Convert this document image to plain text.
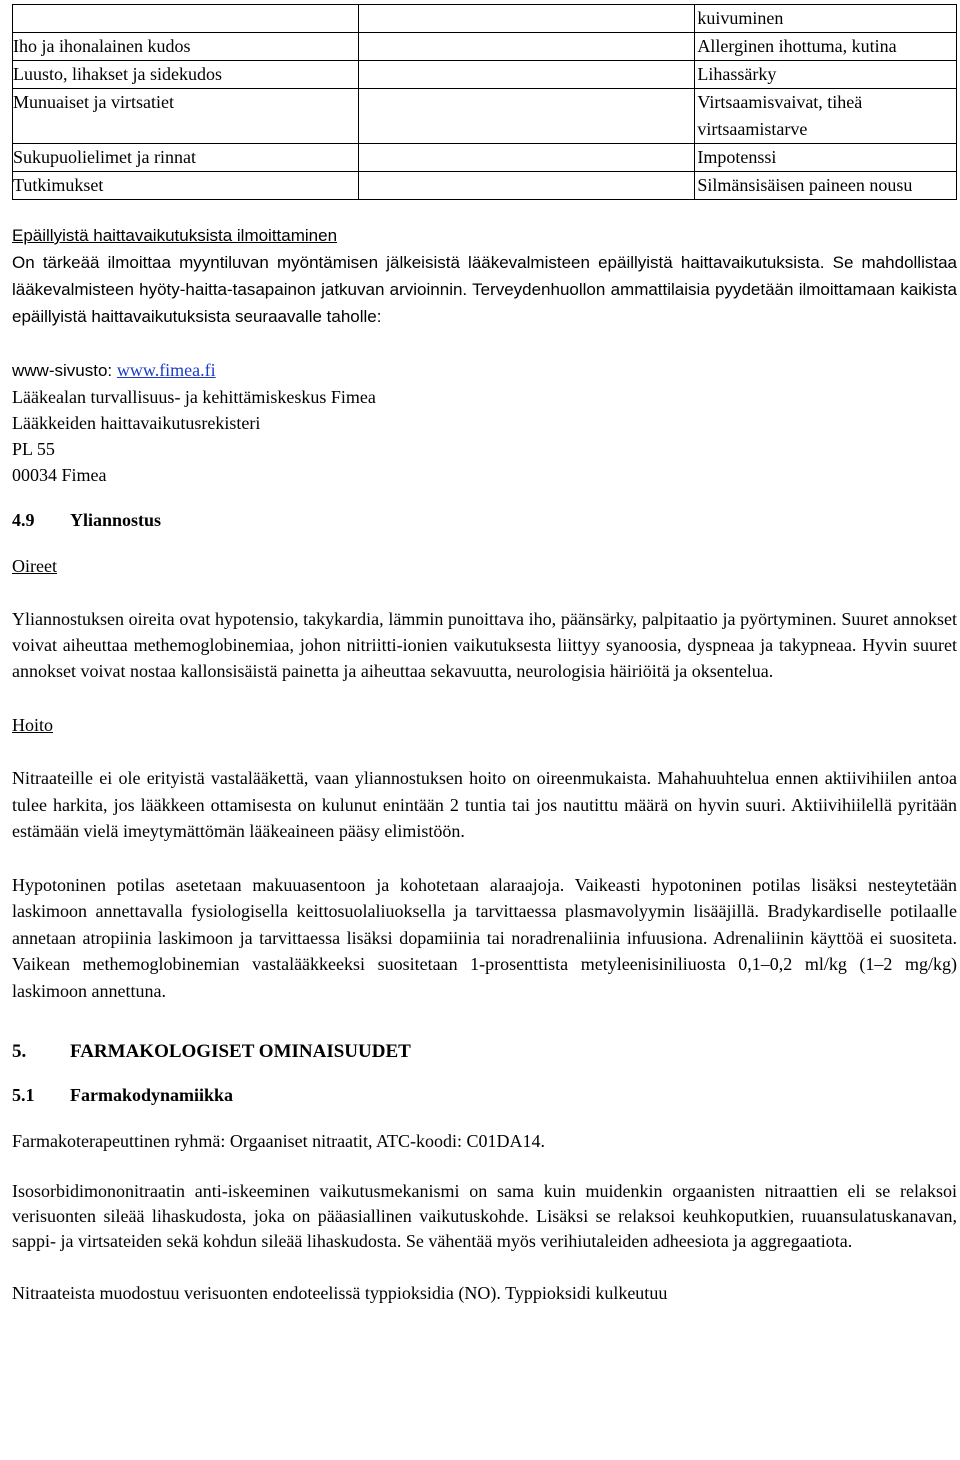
		kuivuminen
Iho ja ihonalainen kudos		Allerginen ihottuma, kutina
Luusto, lihakset ja sidekudos		Lihassärky
Munuaiset ja virtsatiet		Virtsaamisvaivat, tiheä virtsaamistarve
Sukupuolielimet ja rinnat		Impotenssi
Tutkimukset		Silmänsisäisen paineen nousu

Epäillyistä haittavaikutuksista ilmoittaminen

On tärkeää ilmoittaa myyntiluvan myöntämisen jälkeisistä lääkevalmisteen epäillyistä haittavaikutuksista. Se mahdollistaa lääkevalmisteen hyöty-haitta-tasapainon jatkuvan arvioinnin. Terveydenhuollon ammattilaisia pyydetään ilmoittamaan kaikista epäillyistä haittavaikutuksista seuraavalle taholle:

www-sivusto: www.fimea.fi

Lääkealan turvallisuus- ja kehittämiskeskus Fimea

Lääkkeiden haittavaikutusrekisteri

PL 55

00034 Fimea

4.9	Yliannostus

Oireet

Yliannostuksen oireita ovat hypotensio, takykardia, lämmin punoittava iho, päänsärky, palpitaatio ja pyörtyminen. Suuret annokset voivat aiheuttaa methemoglobinemiaa, johon nitriitti-ionien vaikutuksesta liittyy syanoosia, dyspneaa ja takypneaa. Hyvin suuret annokset voivat nostaa kallonsisäistä painetta ja aiheuttaa sekavuutta, neurologisia häiriöitä ja oksentelua.

Hoito

Nitraateille ei ole erityistä vastalääkettä, vaan yliannostuksen hoito on oireenmukaista. Mahahuuhtelua ennen aktiivihiilen antoa tulee harkita, jos lääkkeen ottamisesta on kulunut enintään 2 tuntia tai jos nautittu määrä on hyvin suuri. Aktiivihiilellä pyritään estämään vielä imeytymättömän lääkeaineen pääsy elimistöön.

Hypotoninen potilas asetetaan makuuasentoon ja kohotetaan alaraajoja. Vaikeasti hypotoninen potilas lisäksi nesteytetään laskimoon annettavalla fysiologisella keittosuolaliuoksella ja tarvittaessa plasmavolyymin lisääjillä. Bradykardiselle potilaalle annetaan atropiinia laskimoon ja tarvittaessa lisäksi dopamiinia tai noradrenaliinia infuusiona. Adrenaliinin käyttöä ei suositeta. Vaikean methemoglobinemian vastalääkkeeksi suositetaan 1-prosenttista metyleenisiniliuosta 0,1–0,2 ml/kg (1–2 mg/kg) laskimoon annettuna.

5.	FARMAKOLOGISET OMINAISUUDET
5.1	Farmakodynamiikka

Farmakoterapeuttinen ryhmä: Orgaaniset nitraatit, ATC-koodi: C01DA14.

Isosorbidimononitraatin anti-iskeeminen vaikutusmekanismi on sama kuin muidenkin orgaanisten nitraattien eli se relaksoi verisuonten sileää lihaskudosta, joka on pääasiallinen vaikutuskohde. Lisäksi se relaksoi keuhkoputkien, ruuansulatuskanavan, sappi- ja virtsateiden sekä kohdun sileää lihaskudosta. Se vähentää myös verihiutaleiden adheesiota ja aggregaatiota.

Nitraateista muodostuu verisuonten endoteelissä typpioksidia (NO). Typpioksidi kulkeutuu
